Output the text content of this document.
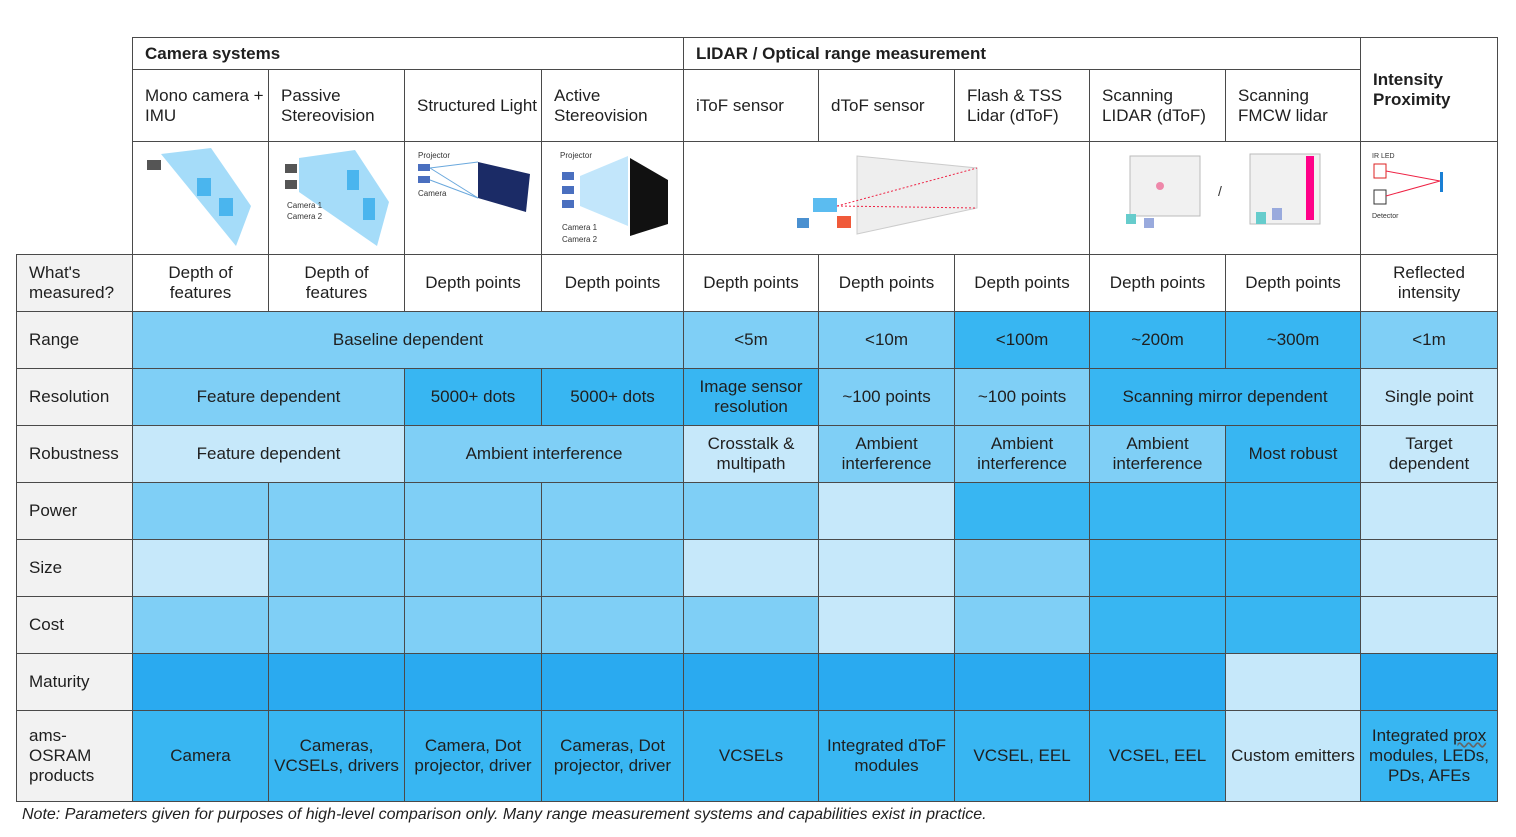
	Camera systems				LIDAR / Optical range measurement					Intensity Proximity
	Mono camera + IMU	Passive Stereovision	Structured Light	Active Stereovision	iToF sensor	dToF sensor	Flash & TSS Lidar (dToF)	Scanning LIDAR (dToF)	Scanning FMCW lidar	

Camera 1
Camera 2	Projector
Camera	Projector
Camera 1
Camera 2				/		IR LED
Detector

What's measured?	Depth of features	Depth of features	Depth points	Depth points	Depth points	Depth points	Depth points	Depth points	Depth points	Reflected intensity
Range	Baseline dependent				<5m	<10m	<100m	~200m	~300m	<1m
Resolution	Feature dependent		5000+ dots	5000+ dots	Image sensor resolution	~100 points	~100 points	Scanning mirror dependent		Single point
Robustness	Feature dependent		Ambient interference		Crosstalk & multipath	Ambient interference	Ambient interference	Ambient interference	Most robust	Target dependent
Power										
Size										
Cost										
Maturity										
ams-OSRAM products	Camera	Cameras, VCSELs, drivers	Camera, Dot projector, driver	Cameras, Dot projector, driver	VCSELs	Integrated dToF modules	VCSEL, EEL	VCSEL, EEL	Custom emitters	Integrated prox modules, LEDs, PDs, AFEs
Note: Parameters given for purposes of high-level comparison only. Many range measurement systems and capabilities exist in practice.
